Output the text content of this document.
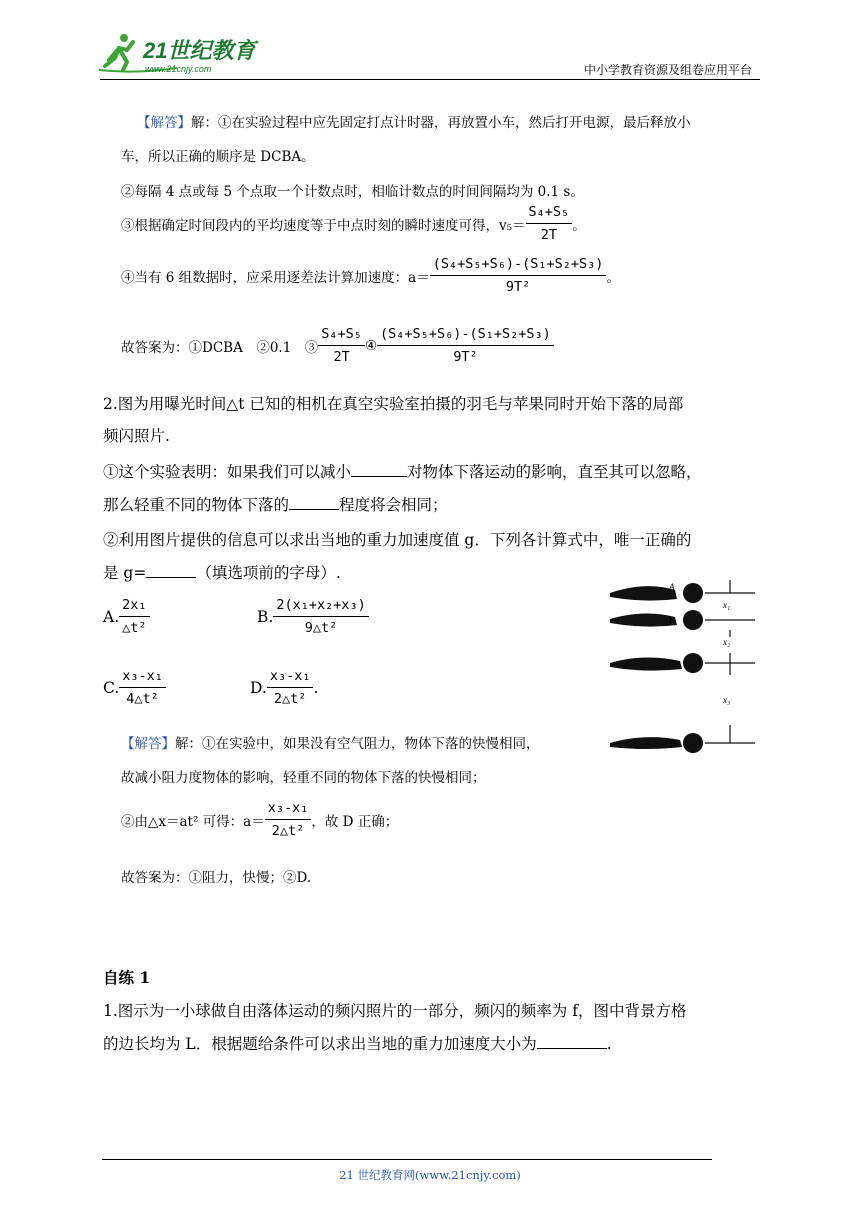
21世纪教育
www.21cnjy.com	中小学教育资源及组卷应用平台
【解答】解：①在实验过程中应先固定打点计时器，再放置小车，然后打开电源，最后释放小
车，所以正确的顺序是 DCBA。
②每隔 4 点或每 5 个点取一个计数点时，相临计数点的时间间隔均为 0.1 s。
③根据确定时间段内的平均速度等于中点时刻的瞬时速度可得，$v_5= \frac{\text{S₄+S₅}}{2T}$ 。
④当有 6 组数据时，应采用逐差法计算加速度：$a= \frac{\text{(S₄+S₅+S₆)-(S₁+S₂+S₃)}}{\text{9T²}}$ 。
故答案为：①DCBA　②0.1　③ $\frac{\text{S₄+S₅}}{2T}$ ④ $\frac{\text{(S₄+S₅+S₆)-(S₁+S₂+S₃)}}{\text{9T²}}$
2.图为用曝光时间△t 已知的相机在真空实验室拍摄的羽毛与苹果同时开始下落的局部
频闪照片.
①这个实验表明：如果我们可以减小	对物体下落运动的影响，直至其可以忽略，
那么轻重不同的物体下落的	程度将会相同；
②利用图片提供的信息可以求出当地的重力加速度值 g．下列各计算式中，唯一正确的
是 g=	（填选项前的字母）.
A. $\frac{\text{2x₁}}{\text{△t²}}$	B. $\frac{\text{2(x₁+x₂+x₃)}}{\text{9△t²}}$
C. $\frac{\text{x₃-x₁}}{\text{4△t²}}$	D. $\frac{\text{x₃-x₁}}{\text{2△t²}}$ .
A
B
C
D
x₁
x₂
x₃
【解答】解：①在实验中，如果没有空气阻力，物体下落的快慢相同，
故减小阻力度物体的影响，轻重不同的物体下落的快慢相同；
②由△x＝at² 可得：$a= \frac{\text{x₃-x₁}}{\text{2△t²}}$ ，故 D 正确；
故答案为：①阻力，快慢；②D.
自练 1
1.图示为一小球做自由落体运动的频闪照片的一部分，频闪的频率为 f，图中背景方格
的边长均为 L．根据题给条件可以求出当地的重力加速度大小为	.
21 世纪教育网(www.21cnjy.com)
